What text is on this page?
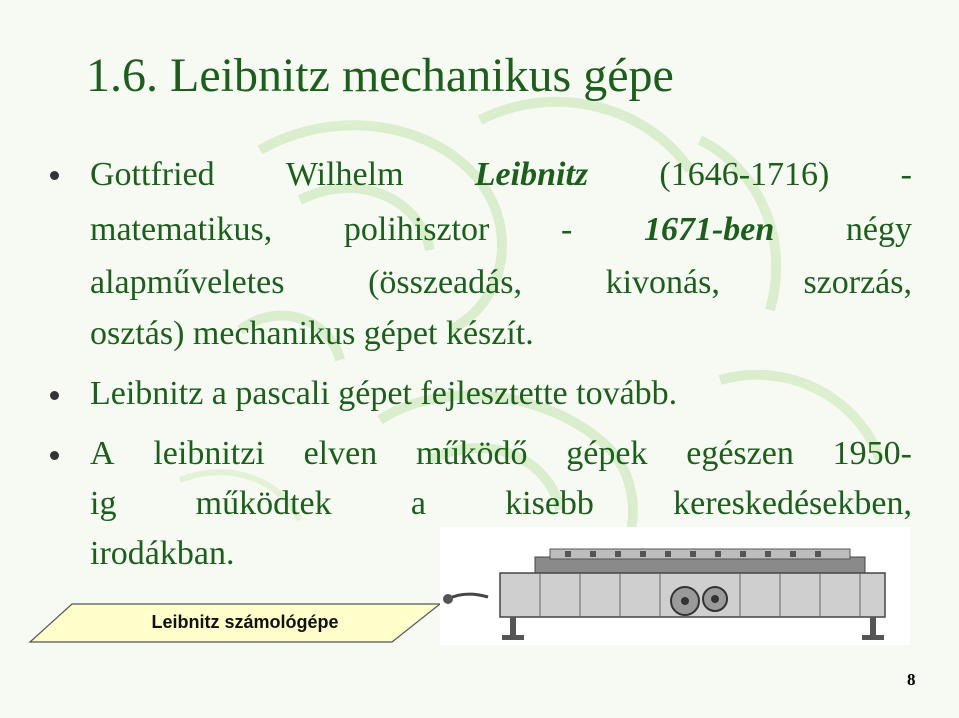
1.6. Leibnitz mechanikus gépe
Gottfried Wilhelm Leibnitz (1646-1716) -
matematikus, polihisztor - 1671-ben négy
alapműveletes (összeadás, kivonás, szorzás,
osztás) mechanikus gépet készít.
Leibnitz a pascali gépet fejlesztette tovább.
A leibnitzi elven működő gépek egészen 1950-
ig működtek a kisebb kereskedésekben,
irodákban.
Leibnitz számológépe
8
